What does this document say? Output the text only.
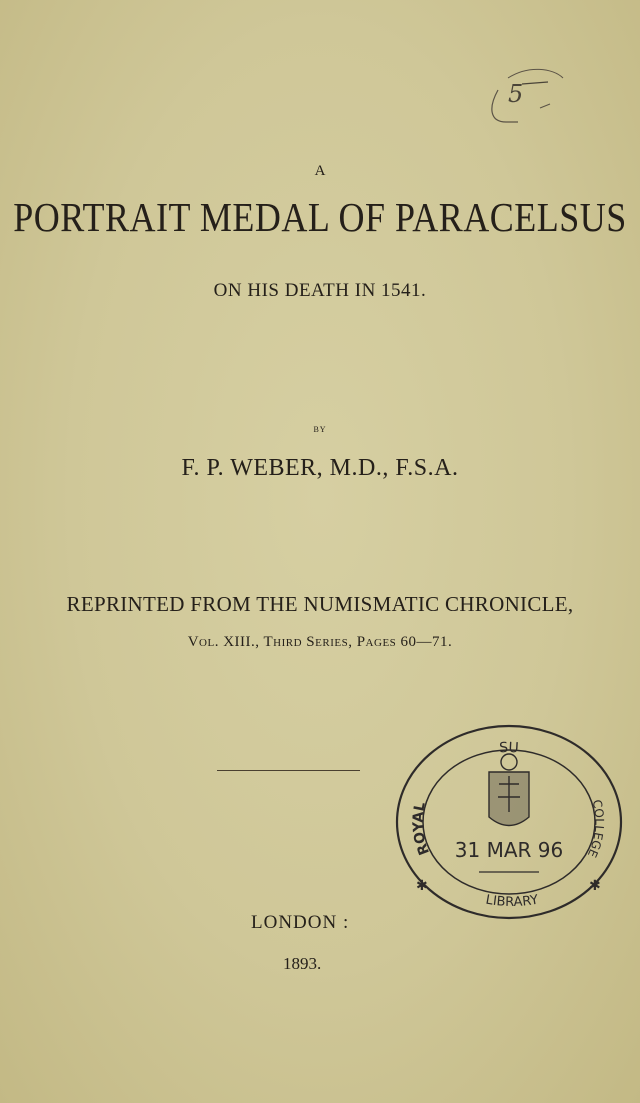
5
A
PORTRAIT MEDAL OF PARACELSUS
ON HIS DEATH IN 1541.
BY
F. P. WEBER, M.D., F.S.A.
REPRINTED FROM THE NUMISMATIC CHRONICLE,
Vol. XIII., Third Series, Pages 60—71.
LONDON :
1893.
31 MAR 96
SU
ROYAL	COLLEGE
LIBRARY
✱	✱
